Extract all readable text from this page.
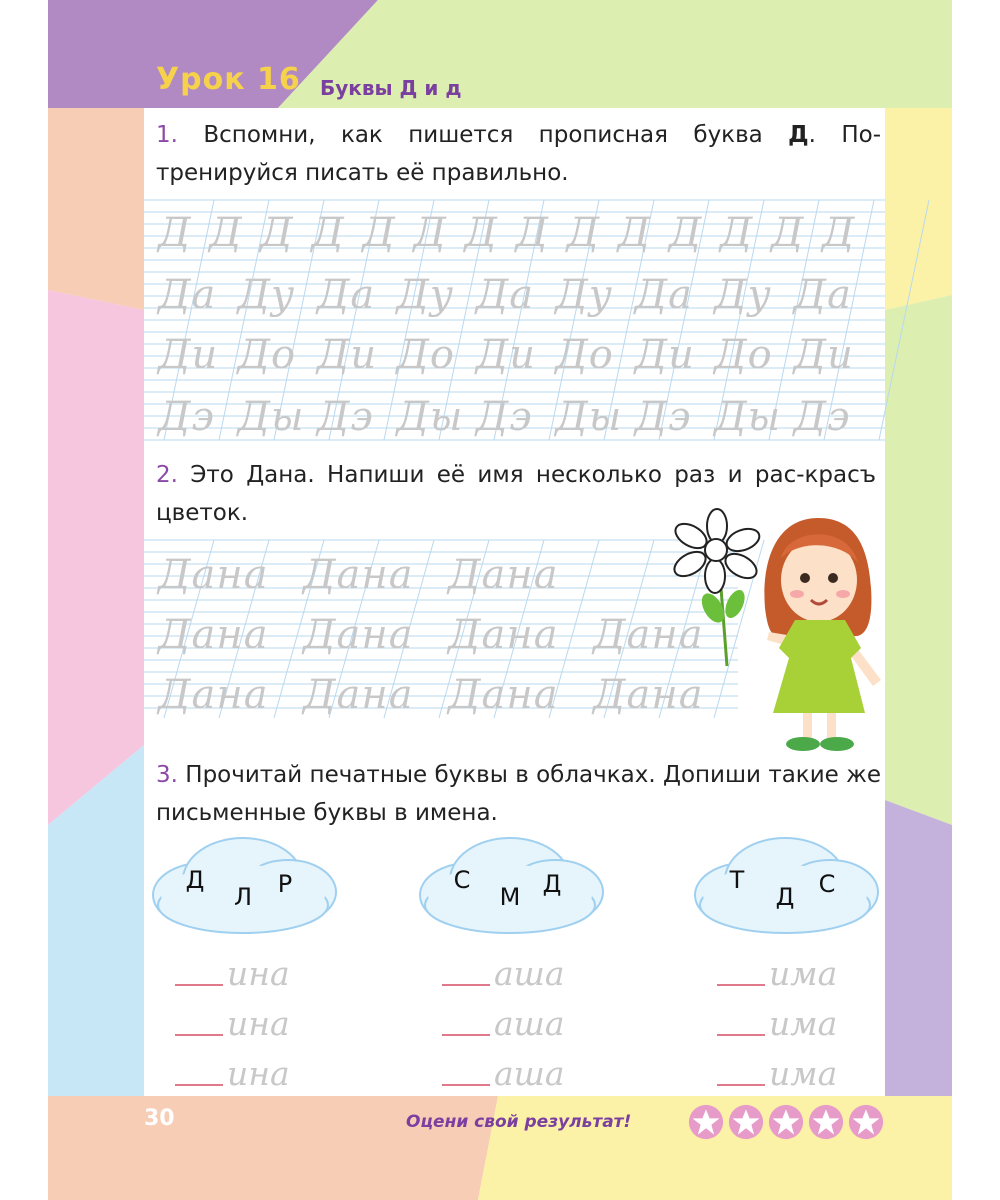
Урок 16 Буквы Д и д
1. Вспомни, как пишется прописная буква Д. По-тренируйся писать её правильно.
Д Д Д Д Д Д Д Д Д Д Д Д Д Д
Да Ду Да Ду Да Ду Да Ду Да
Ди До Ди До Ди До Ди До Ди
Дэ Ды Дэ Ды Дэ Ды Дэ Ды Дэ
Дана Дана Дана
Дана Дана Дана Дана
Дана Дана Дана Дана
2. Это Дана. Напиши её имя несколько раз и рас-красъ цветок.
3. Прочитай печатные буквы в облачках. Допиши такие же письменные буквы в имена.
Д
Л Р
ина
ина
ина
С
М Д
аша
аша
аша
Т
Д С
има
има
има
30	Оцени свой результат!
